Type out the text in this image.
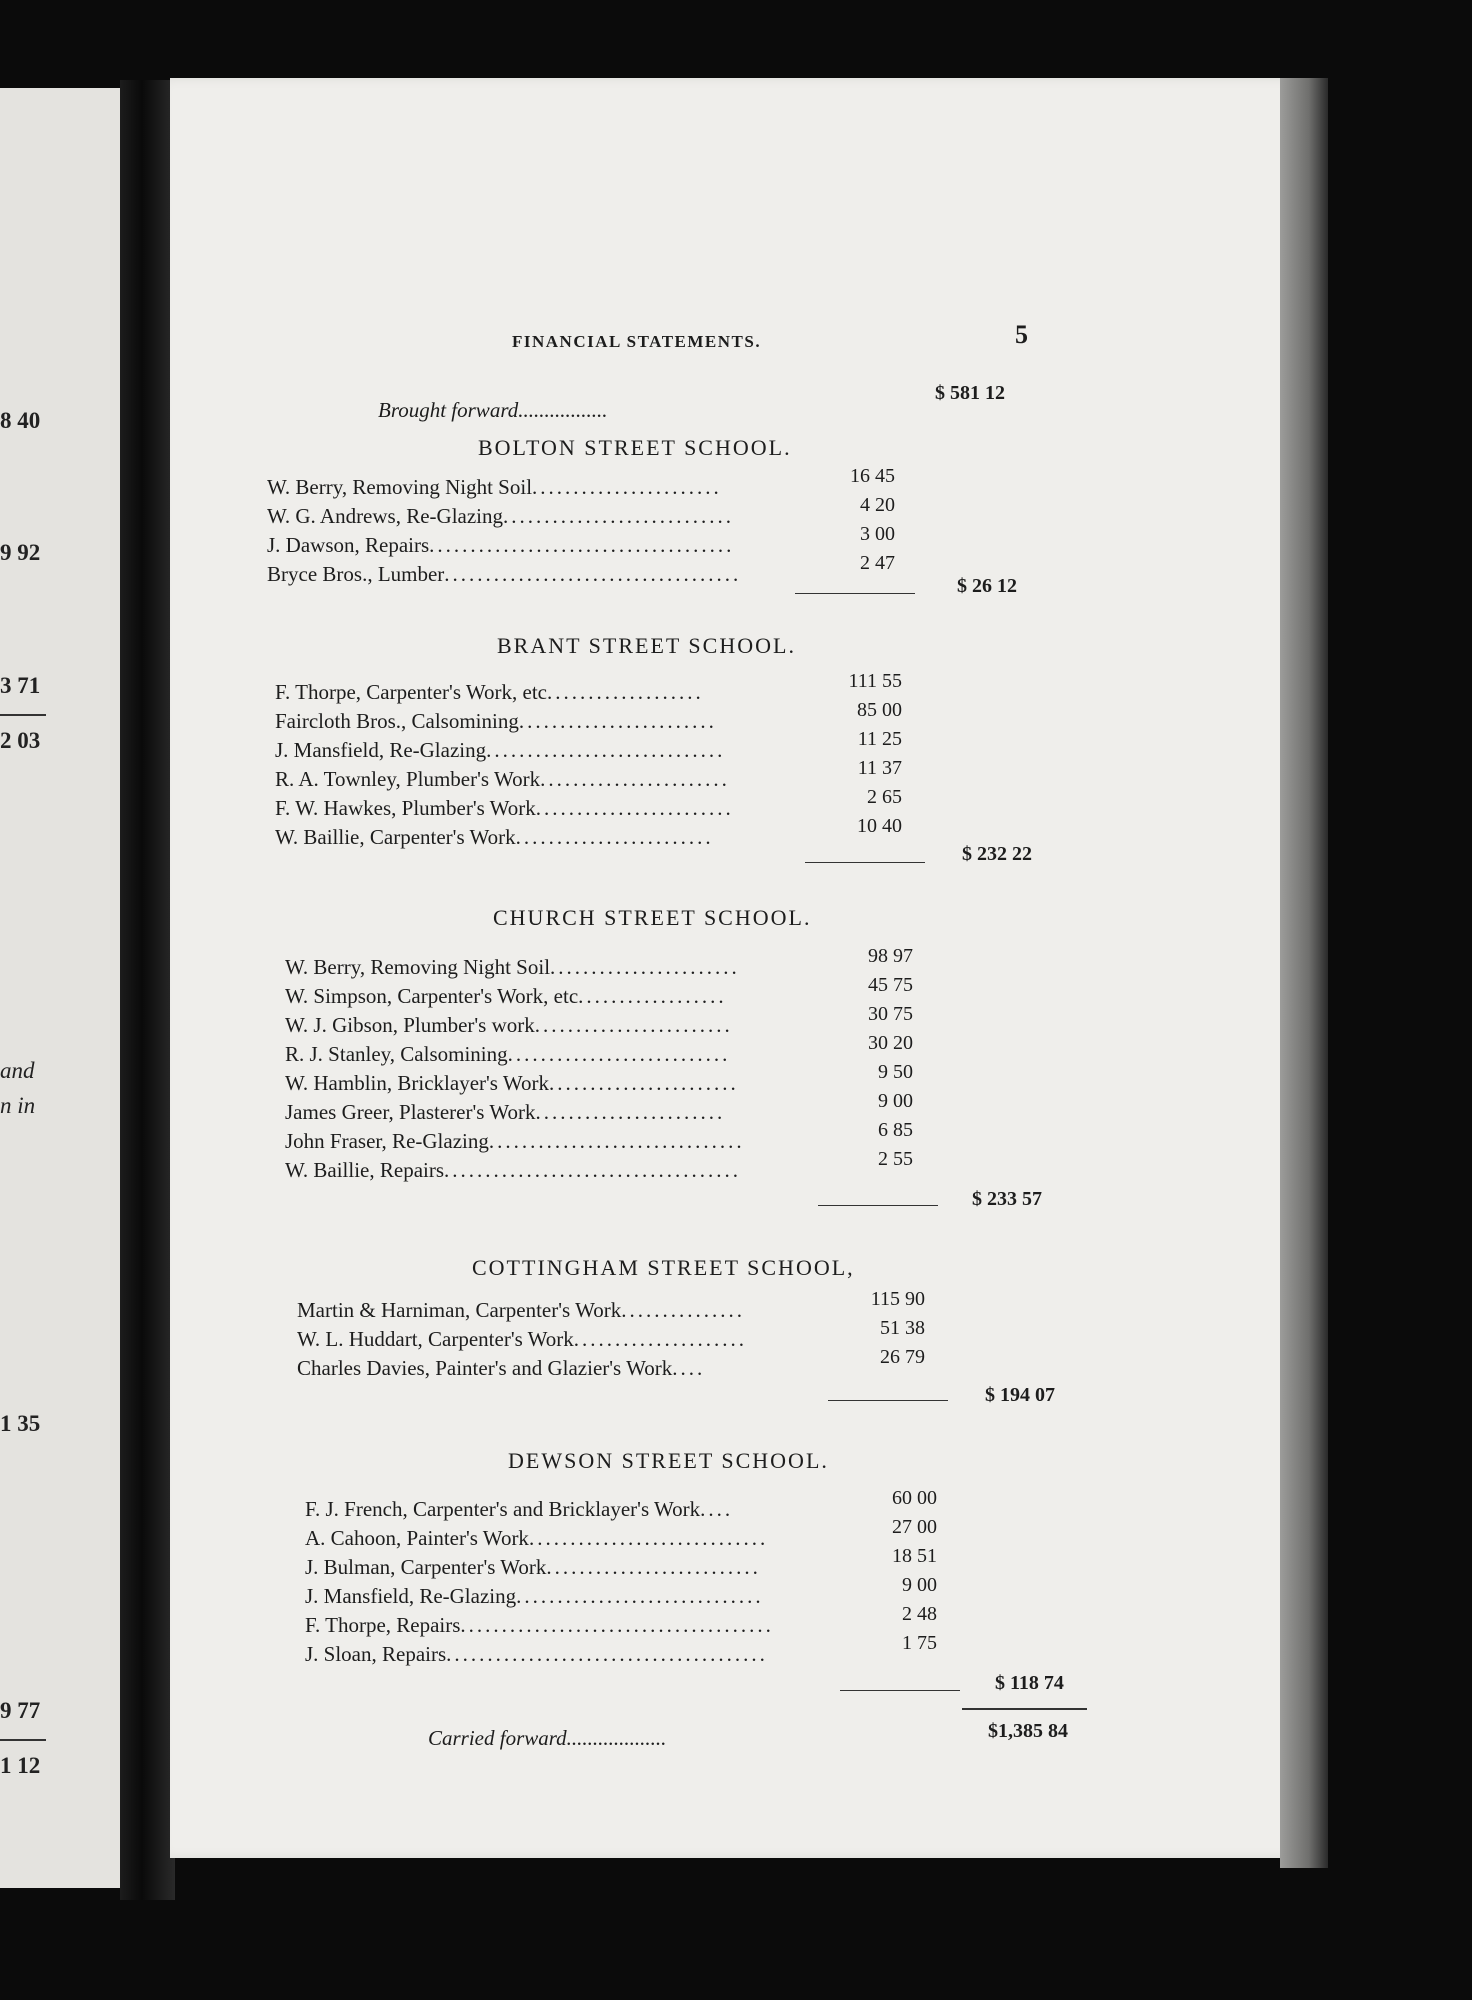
8 40
9 92
3 71
2 03
and
n in
1 35
9 77
1 12
FINANCIAL STATEMENTS.	5
Brought forward.................
$ 581 12
BOLTON STREET SCHOOL.
W. Berry, Removing Night Soil.......................	16 45
W. G. Andrews, Re-Glazing............................	4 20
J. Dawson, Repairs.....................................	3 00
Bryce Bros., Lumber....................................	2 47
$ 26 12
BRANT STREET SCHOOL.
F. Thorpe, Carpenter's Work, etc...................	111 55
Faircloth Bros., Calsomining........................	85 00
J. Mansfield, Re-Glazing.............................	11 25
R. A. Townley, Plumber's Work.......................	11 37
F. W. Hawkes, Plumber's Work........................	2 65
W. Baillie, Carpenter's Work........................	10 40
$ 232 22
CHURCH STREET SCHOOL.
W. Berry, Removing Night Soil.......................	98 97
W. Simpson, Carpenter's Work, etc..................	45 75
W. J. Gibson, Plumber's work........................	30 75
R. J. Stanley, Calsomining...........................	30 20
W. Hamblin, Bricklayer's Work.......................	9 50
James Greer, Plasterer's Work.......................	9 00
John Fraser, Re-Glazing...............................	6 85
W. Baillie, Repairs....................................	2 55
$ 233 57
COTTINGHAM STREET SCHOOL,
Martin & Harniman, Carpenter's Work...............	115 90
W. L. Huddart, Carpenter's Work.....................	51 38
Charles Davies, Painter's and Glazier's Work....	26 79
$ 194 07
DEWSON STREET SCHOOL.
F. J. French, Carpenter's and Bricklayer's Work....	60 00
A. Cahoon, Painter's Work.............................	27 00
J. Bulman, Carpenter's Work..........................	18 51
J. Mansfield, Re-Glazing..............................	9 00
F. Thorpe, Repairs......................................	2 48
J. Sloan, Repairs.......................................	1 75
$ 118 74
Carried forward...................	$1,385 84
